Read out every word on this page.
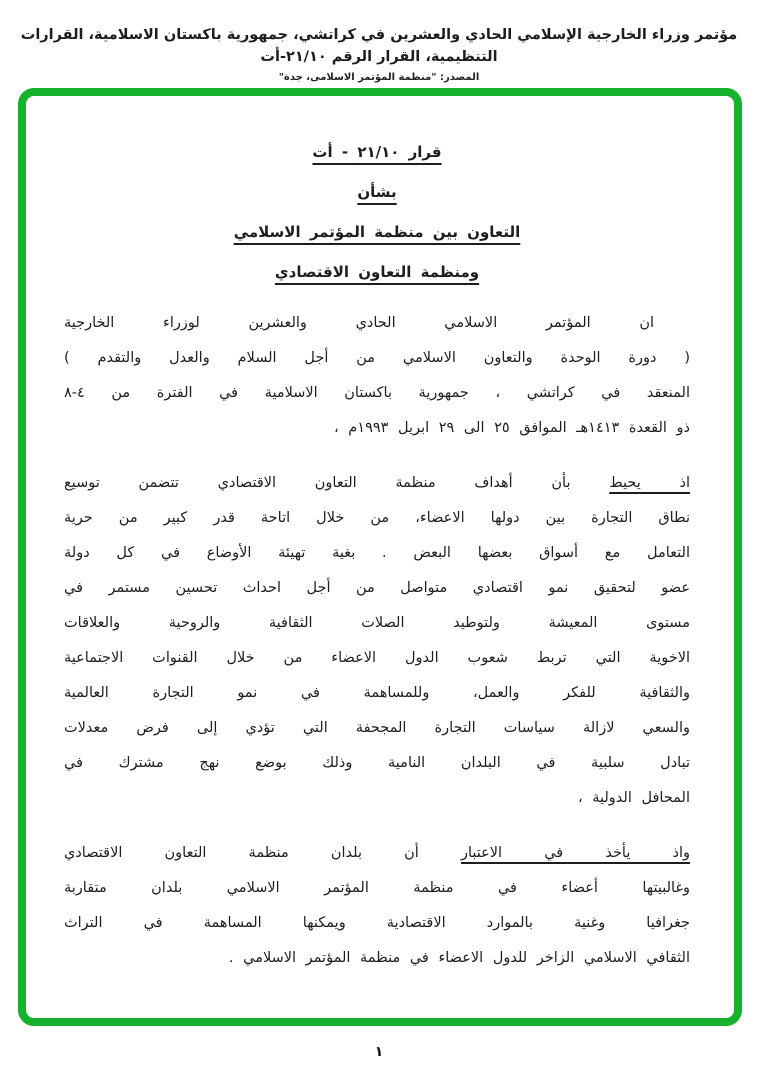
مؤتمر وزراء الخارجية الإسلامي الحادي والعشرين في كراتشي، جمهورية باكستان الاسلامية، القرارات التنظيمية، القرار الرقم ٢١/١٠-أت
المصدر: "منظمة المؤتمر الاسلامى، جدة"
قرار ٢١/١٠ - أت
بشأن
التعاون بين منظمة المؤتمر الاسلامي
ومنظمة التعاون الاقتصادي
ان المؤتمر الاسلامي الحادي والعشرين لوزراء الخارجية
( دورة الوحدة والتعاون الاسلامي من أجل السلام والعدل والتقدم )
المنعقد في كراتشي ، جمهورية باكستان الاسلامية في الفترة من ٤-٨
ذو القعدة ١٤١٣هـ الموافق ٢٥ الى ٢٩ ابريل ١٩٩٣م ،
اذ يحيط بأن أهداف منظمة التعاون الاقتصادي تتضمن توسيع
نطاق التجارة بين دولها الاعضاء، من خلال اتاحة قدر كبير من حرية
التعامل مع أسواق بعضها البعض . بغية تهيئة الأوضاع في كل دولة
عضو لتحقيق نمو اقتصادي متواصل من أجل احداث تحسين مستمر في
مستوى المعيشة ولتوطيد الصلات الثقافية والروحية والعلاقات
الاخوية التي تربط شعوب الدول الاعضاء من خلال القنوات الاجتماعية
والثقافية للفكر والعمل، وللمساهمة في نمو التجارة العالمية
والسعي لازالة سياسات التجارة المجحفة التي تؤدي إلى فرض معدلات
تبادل سلبية في البلدان النامية وذلك بوضع نهج مشترك في
المحافل الدولية ،
واذ يأخذ في الاعتبار أن بلدان منظمة التعاون الاقتصادي
وغالبيتها أعضاء في منظمة المؤتمر الاسلامي بلدان متقاربة
جغرافيا وغنية بالموارد الاقتصادية ويمكنها المساهمة في التراث
الثقافي الاسلامي الزاخر للدول الاعضاء في منظمة المؤتمر الاسلامي .
١
